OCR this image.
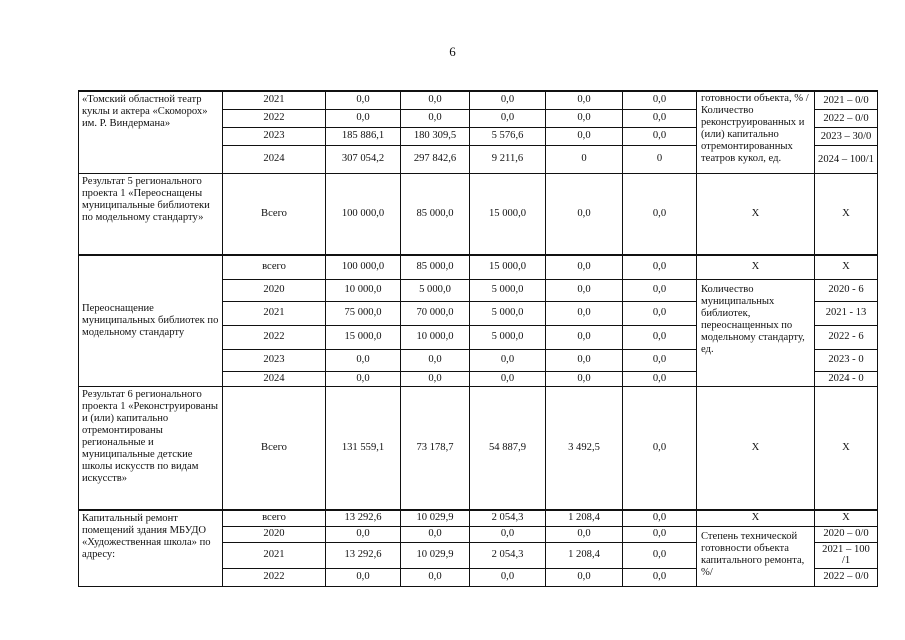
6
«Томский областной театр куклы и актера «Скоморох» им. Р. Виндермана»	2021	0,0	0,0	0,0	0,0	0,0	готовности объекта, % / Количество реконструированных и (или) капитально отремонтированных театров кукол, ед.	2021 – 0/0
	2022	0,0	0,0	0,0	0,0	0,0		2022 – 0/0
	2023	185 886,1	180 309,5	5 576,6	0,0	0,0		2023 – 30/0
	2024	307 054,2	297 842,6	9 211,6	0	0		2024 – 100/1
Результат 5 регионального проекта 1 «Переоснащены муниципальные библиотеки по модельному стандарту»	Всего	100 000,0	85 000,0	15 000,0	0,0	0,0	Х	Х
Переоснащение муниципальных библиотек по модельному стандарту	всего	100 000,0	85 000,0	15 000,0	0,0	0,0	Х	Х
	2020	10 000,0	5 000,0	5 000,0	0,0	0,0	Количество муниципальных библиотек, переоснащенных по модельному стандарту, ед.	2020 - 6
	2021	75 000,0	70 000,0	5 000,0	0,0	0,0		2021 - 13
	2022	15 000,0	10 000,0	5 000,0	0,0	0,0		2022 - 6
	2023	0,0	0,0	0,0	0,0	0,0		2023 - 0
	2024	0,0	0,0	0,0	0,0	0,0		2024 - 0
Результат 6 регионального проекта 1 «Реконструированы и (или) капитально отремонтированы региональные и муниципальные детские школы искусств по видам искусств»	Всего	131 559,1	73 178,7	54 887,9	3 492,5	0,0	Х	Х
Капитальный ремонт помещений здания МБУДО «Художественная школа» по адресу:	всего	13 292,6	10 029,9	2 054,3	1 208,4	0,0	Х	Х
	2020	0,0	0,0	0,0	0,0	0,0	Степень технической готовности объекта капитального ремонта, %/	2020 – 0/0
	2021	13 292,6	10 029,9	2 054,3	1 208,4	0,0		2021 – 100 /1
	2022	0,0	0,0	0,0	0,0	0,0		2022 – 0/0
